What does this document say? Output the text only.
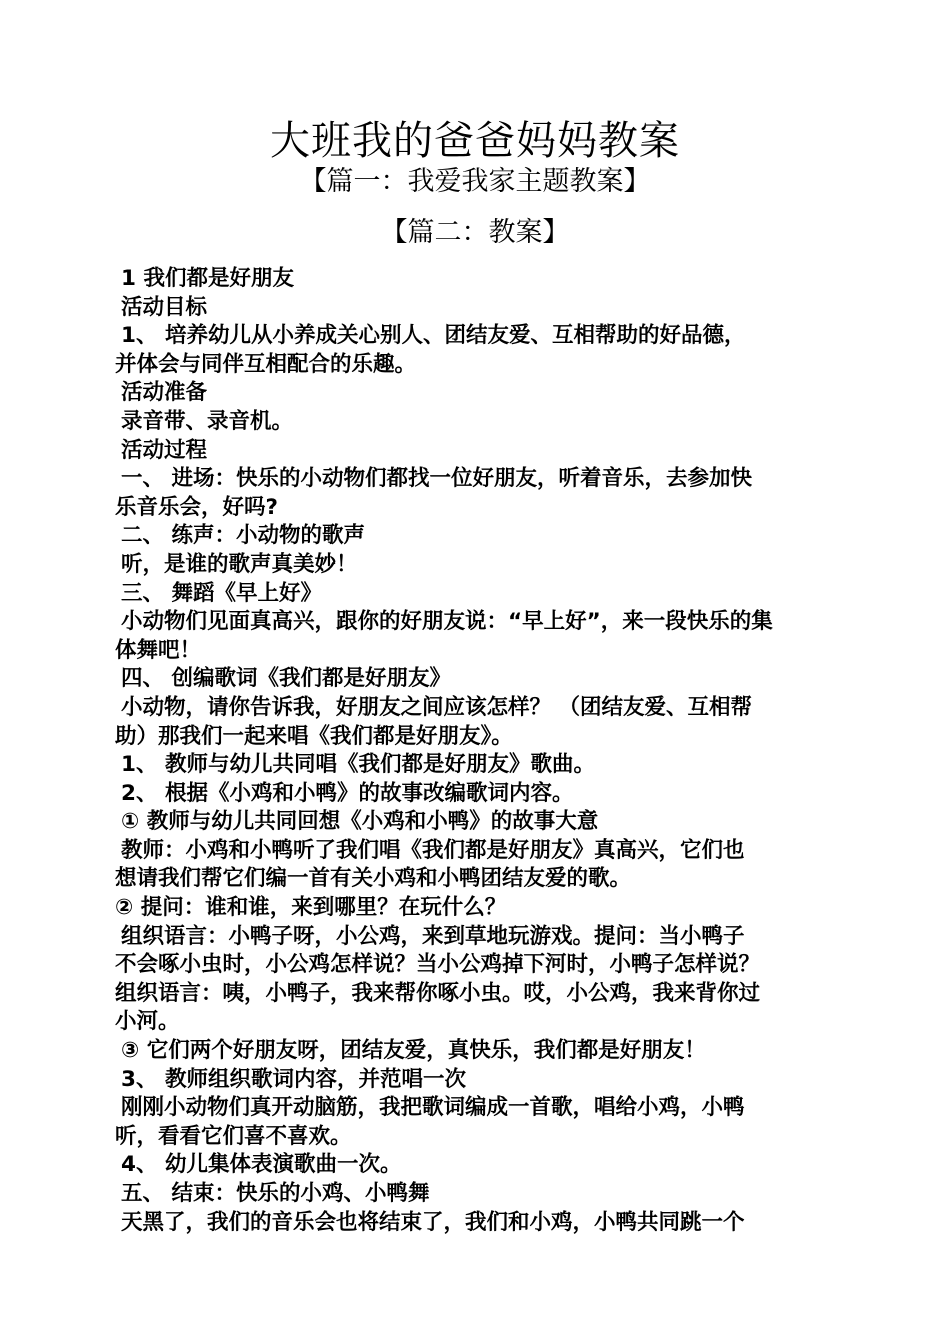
大班我的爸爸妈妈教案
【篇一：我爱我家主题教案】
【篇二：教案】
1 我们都是好朋友
活动目标
1、 培养幼儿从小养成关心别人、团结友爱、互相帮助的好品德，
并体会与同伴互相配合的乐趣。
活动准备
录音带、录音机。
活动过程
一、 进场：快乐的小动物们都找一位好朋友，听着音乐，去参加快
乐音乐会，好吗?
二、 练声：小动物的歌声
听，是谁的歌声真美妙！
三、 舞蹈《早上好》
小动物们见面真高兴，跟你的好朋友说：“早上好”，来一段快乐的集
体舞吧！
四、 创编歌词《我们都是好朋友》
小动物，请你告诉我，好朋友之间应该怎样？ （团结友爱、互相帮
助）那我们一起来唱《我们都是好朋友》。
1、 教师与幼儿共同唱《我们都是好朋友》歌曲。
2、 根据《小鸡和小鸭》的故事改编歌词内容。
① 教师与幼儿共同回想《小鸡和小鸭》的故事大意
教师：小鸡和小鸭听了我们唱《我们都是好朋友》真高兴，它们也
想请我们帮它们编一首有关小鸡和小鸭团结友爱的歌。
② 提问：谁和谁，来到哪里？在玩什么？
组织语言：小鸭子呀，小公鸡，来到草地玩游戏。提问：当小鸭子
不会啄小虫时，小公鸡怎样说？当小公鸡掉下河时，小鸭子怎样说？
组织语言：咦，小鸭子，我来帮你啄小虫。哎，小公鸡，我来背你过
小河。
③ 它们两个好朋友呀，团结友爱，真快乐，我们都是好朋友！
3、 教师组织歌词内容，并范唱一次
刚刚小动物们真开动脑筋，我把歌词编成一首歌，唱给小鸡，小鸭
听，看看它们喜不喜欢。
4、 幼儿集体表演歌曲一次。
五、 结束：快乐的小鸡、小鸭舞
天黑了，我们的音乐会也将结束了，我们和小鸡，小鸭共同跳一个
